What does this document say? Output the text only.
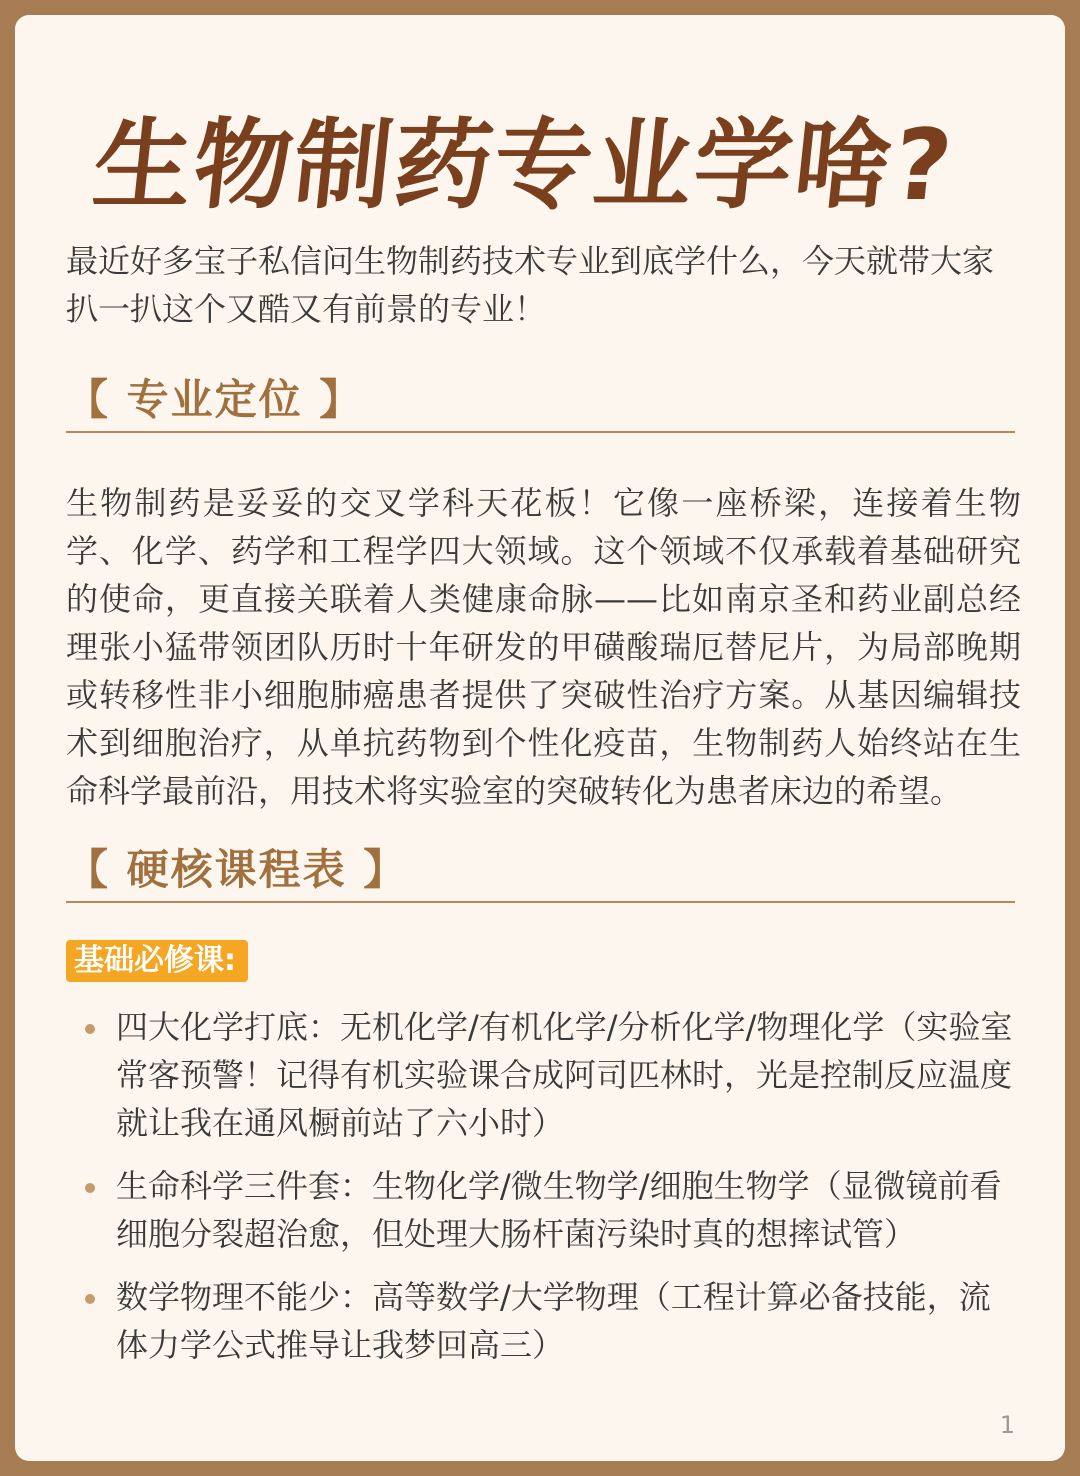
生物制药专业学啥?
最近好多宝子私信问生物制药技术专业到底学什么，今天就带大家扒一扒这个又酷又有前景的专业！
【 专业定位 】
生物制药是妥妥的交叉学科天花板！它像一座桥梁，连接着生物学、化学、药学和工程学四大领域。这个领域不仅承载着基础研究的使命，更直接关联着人类健康命脉——比如南京圣和药业副总经理张小猛带领团队历时十年研发的甲磺酸瑞厄替尼片，为局部晚期或转移性非小细胞肺癌患者提供了突破性治疗方案。从基因编辑技术到细胞治疗，从单抗药物到个性化疫苗，生物制药人始终站在生命科学最前沿，用技术将实验室的突破转化为患者床边的希望。
【 硬核课程表 】
基础必修课:
四大化学打底：无机化学/有机化学/分析化学/物理化学（实验室常客预警！记得有机实验课合成阿司匹林时，光是控制反应温度就让我在通风橱前站了六小时）
生命科学三件套：生物化学/微生物学/细胞生物学（显微镜前看细胞分裂超治愈，但处理大肠杆菌污染时真的想摔试管）
数学物理不能少：高等数学/大学物理（工程计算必备技能，流体力学公式推导让我梦回高三）
1
